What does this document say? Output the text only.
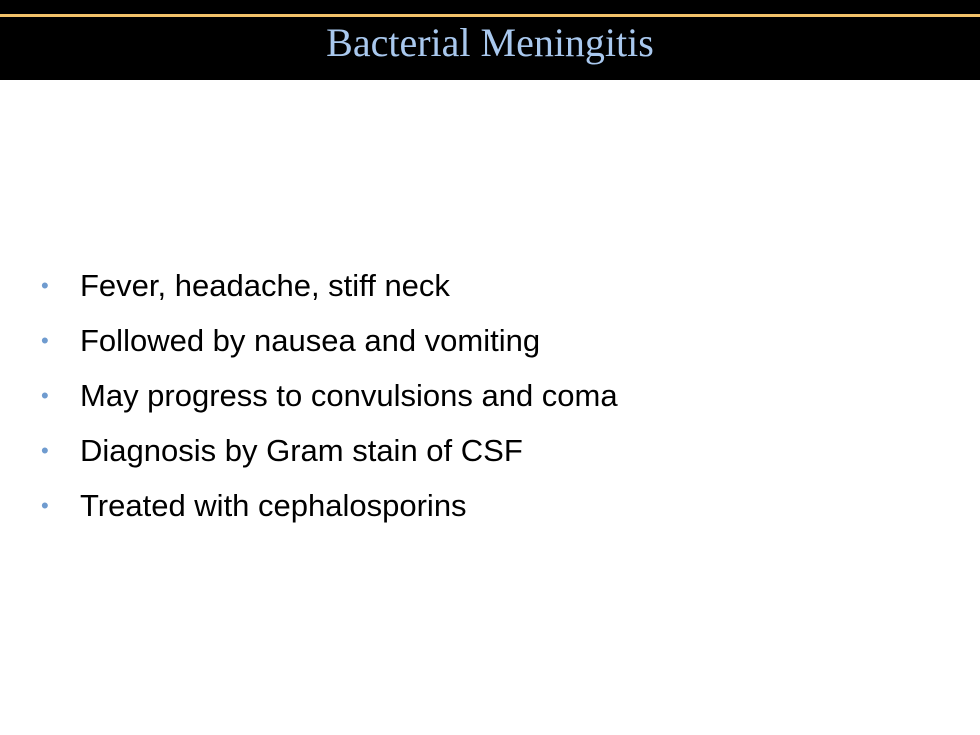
Bacterial Meningitis
•	Fever, headache, stiff neck
•	Followed by nausea and vomiting
•	May progress to convulsions and coma
•	Diagnosis by Gram stain of CSF
•	Treated with cephalosporins
